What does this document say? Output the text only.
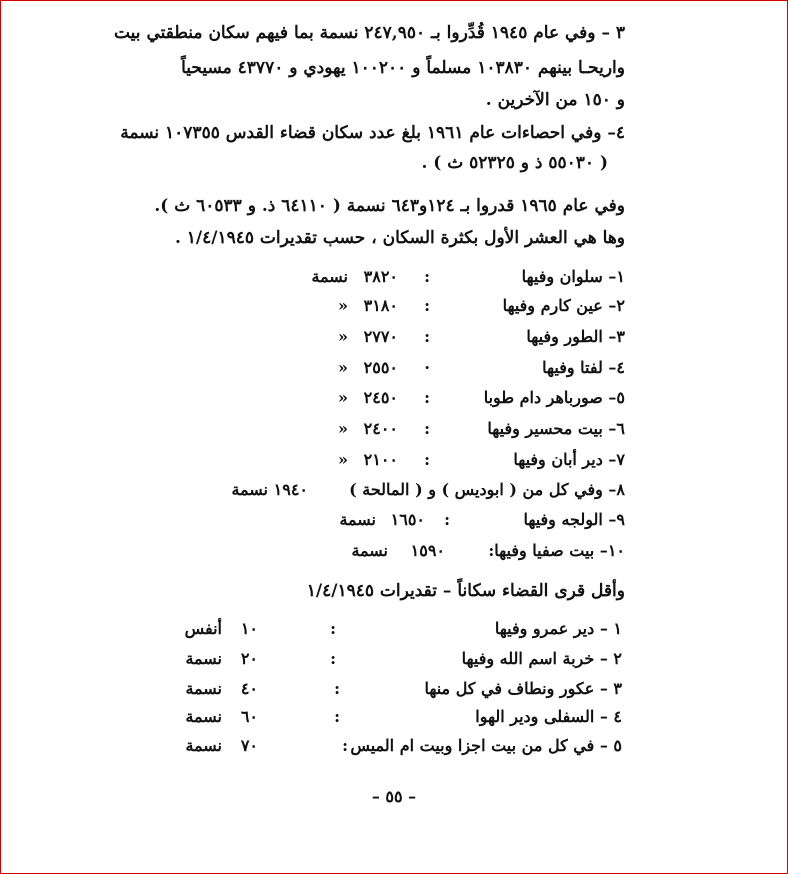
٣ – وفي عام ١٩٤٥ قُدِّروا بـ ٢٤٧,٩٥٠ نسمة بما فيهم سكان منطقتي بيت
واريحـا بينهم ١٠٣٨٣٠ مسلماً و ١٠٠٢٠٠ يهودي و ٤٣٧٧٠ مسيحياً
و ١٥٠ من الآخرين .
٤– وفي احصاءات عام ١٩٦١ بلغ عدد سكان قضاء القدس ١٠٧٣٥٥ نسمة
( ٥٥٠٣٠ ذ و ٥٢٣٢٥ ث ) .
وفي عام ١٩٦٥ قدروا بـ ١٢٤و٦٤٣ نسمة ( ٦٤١١٠ ذ. و ٦٠٥٣٣ ث ).
وها هي العشر الأول بكثرة السكان ، حسب تقديرات ١/٤/١٩٤٥ .
١– سلوان وفيها
:
٣٨٢٠
نسمة
٢– عين كارم وفيها
:
٣١٨٠
«
٣– الطور وفيها
:
٢٧٧٠
«
٤– لفتا وفيها
·
٢٥٥٠
«
٥– صورباهر دام طوبا
:
٢٤٥٠
«
٦– بيت محسير وفيها
:
٢٤٠٠
«
٧– دير أبان وفيها
:
٢١٠٠
«
٨– وفي كل من ( ابوديس ) و ( المالحة )
١٩٤٠
نسمة
٩– الولجه وفيها
:
١٦٥٠
نسمة
١٠– بيت صفيا وفيها:
١٥٩٠
نسمة
وأقل قرى القضاء سكاناً – تقديرات ١/٤/١٩٤٥
١ – دير عمرو وفيها
:
١٠
أنفس
٢ – خربة اسم الله وفيها
:
٢٠
نسمة
٣ – عكور ونطاف في كل منها
:
٤٠
نسمة
٤ – السفلى ودير الهوا
:
٦٠
نسمة
٥ – في كل من بيت اجزا وبيت ام الميس
:
٧٠
نسمة
– ٥٥ –
